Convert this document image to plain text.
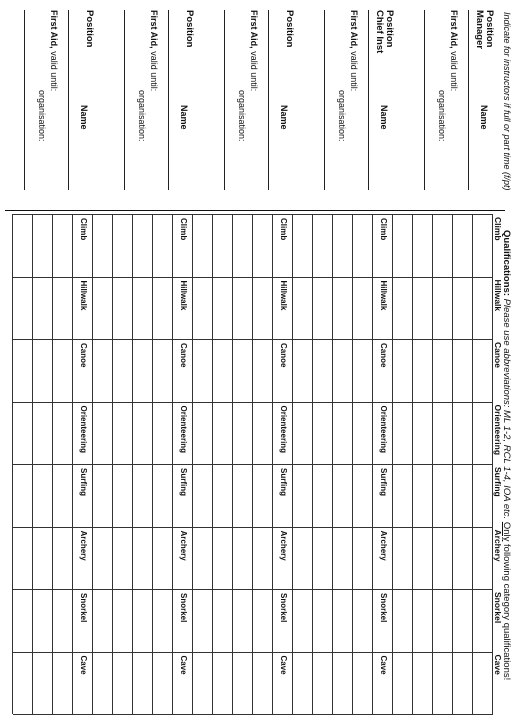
Indicate for instructors if full or part time (f/pt)
Qualifications: Please use abbreviations: ML 1-2, RCL 1-4, IOA etc. Only following category qualifications!
Position
Manager
Name
First Aid, valid until:
organisation:
Position
Chief Inst
Name
First Aid, valid until:
organisation:
Position
Name
First Aid, valid until:
organisation:
Position
Name
First Aid, valid until:
organisation:
Position
Name
First Aid, valid until:
organisation:
Climb
Hillwalk
Canoe
Orienteering
Surfing
Archery
Snorkel
Cave
Climb
Hillwalk
Canoe
Orienteering
Surfing
Archery
Snorkel
Cave
Climb
Hillwalk
Canoe
Orienteering
Surfing
Archery
Snorkel
Cave
Climb
Hillwalk
Canoe
Orienteering
Surfing
Archery
Snorkel
Cave
Climb
Hillwalk
Canoe
Orienteering
Surfing
Archery
Snorkel
Cave
